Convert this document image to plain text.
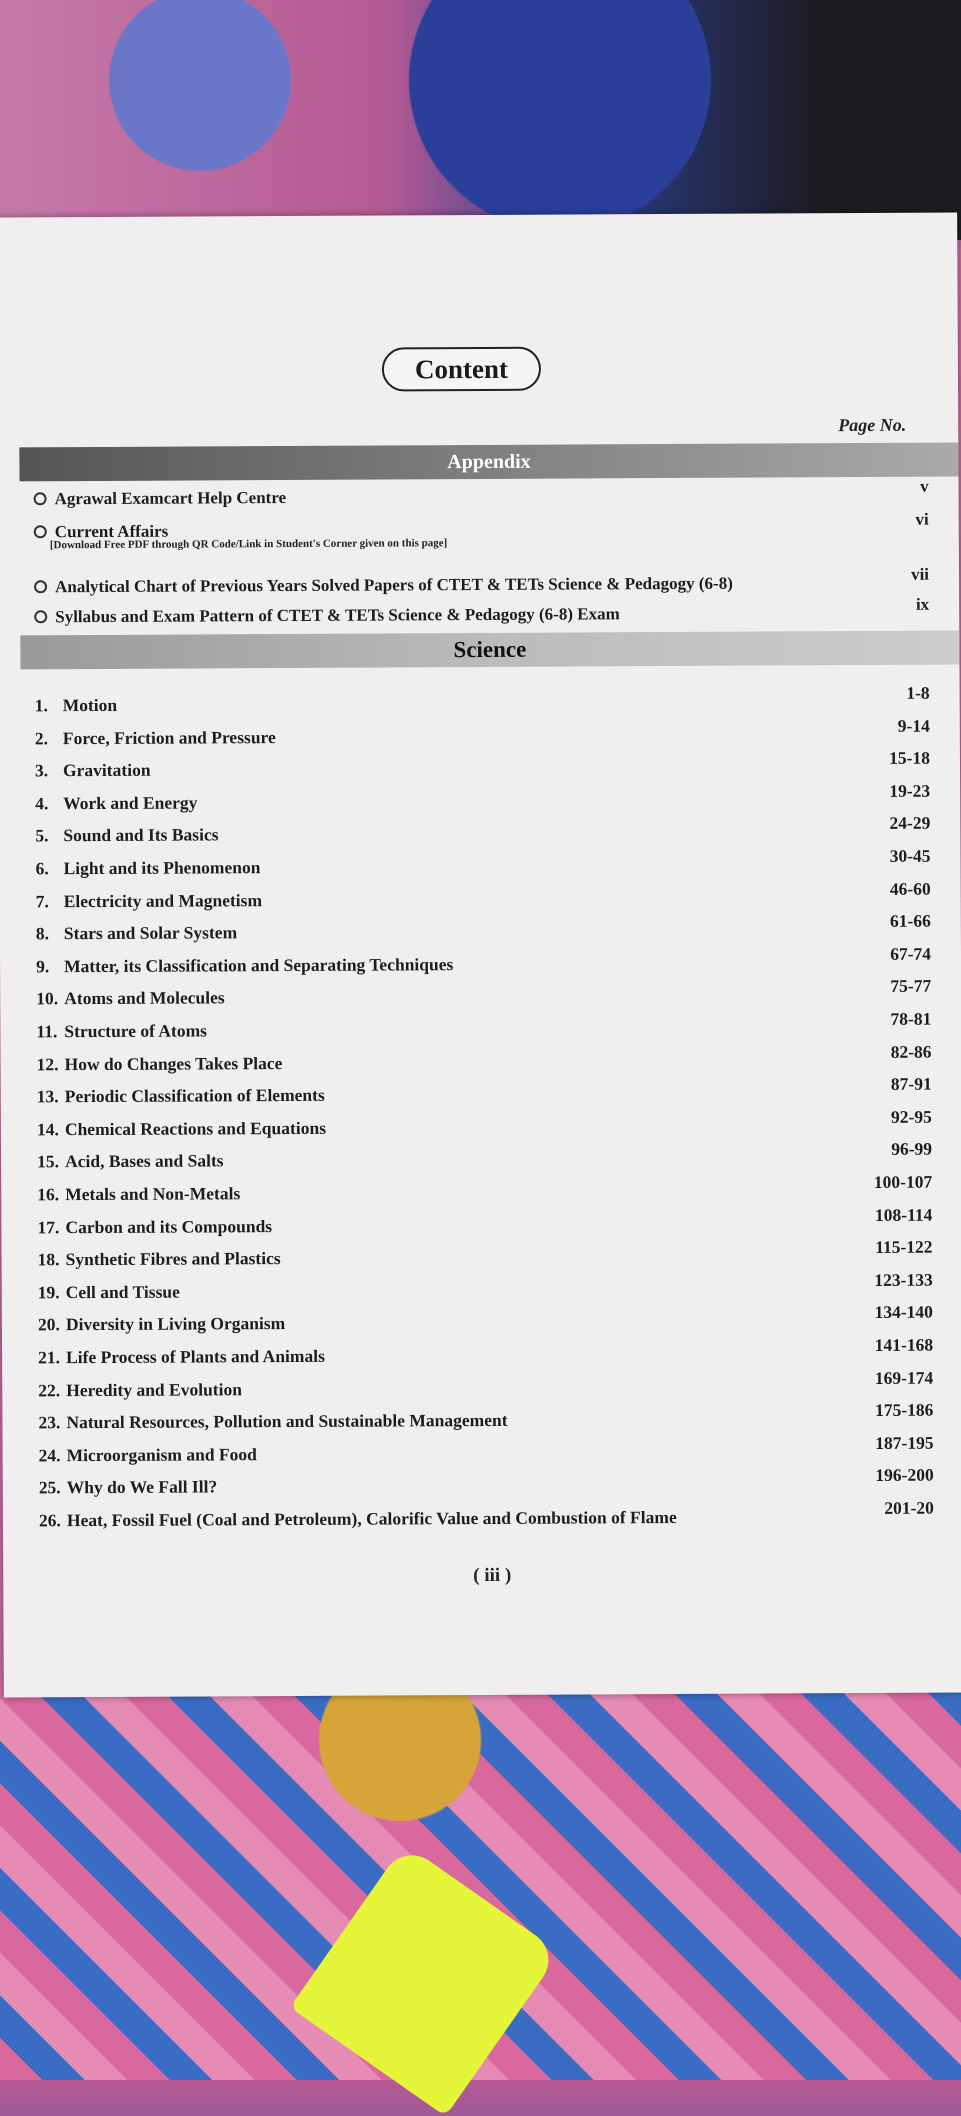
Content
Page No.
Appendix
[Download Free PDF through QR Code/Link in Student's Corner given on this page]
Science
( iii )
Agrawal Examcart Help Centre
v
Current Affairs
vi
Analytical Chart of Previous Years Solved Papers of CTET & TETs Science & Pedagogy (6-8)	vii
Syllabus and Exam Pattern of CTET & TETs Science & Pedagogy (6-8) Exam
ix
1. Motion
1-8
2. Force, Friction and Pressure
9-14
3. Gravitation
15-18
4. Work and Energy
19-23
5. Sound and Its Basics
24-29
6. Light and its Phenomenon
30-45
7. Electricity and Magnetism
46-60
8. Stars and Solar System
61-66
9. Matter, its Classification and Separating Techniques
67-74
10. Atoms and Molecules
75-77
11. Structure of Atoms
78-81
12. How do Changes Takes Place
82-86
13. Periodic Classification of Elements
87-91
14. Chemical Reactions and Equations
92-95
15. Acid, Bases and Salts
96-99
16. Metals and Non-Metals
100-107
17. Carbon and its Compounds
108-114
18. Synthetic Fibres and Plastics
115-122
19. Cell and Tissue
123-133
20. Diversity in Living Organism
134-140
21. Life Process of Plants and Animals
141-168
22. Heredity and Evolution
169-174
23. Natural Resources, Pollution and Sustainable Management
175-186
24. Microorganism and Food
187-195
25. Why do We Fall Ill?
196-200
26. Heat, Fossil Fuel (Coal and Petroleum), Calorific Value and Combustion of Flame	201-20
